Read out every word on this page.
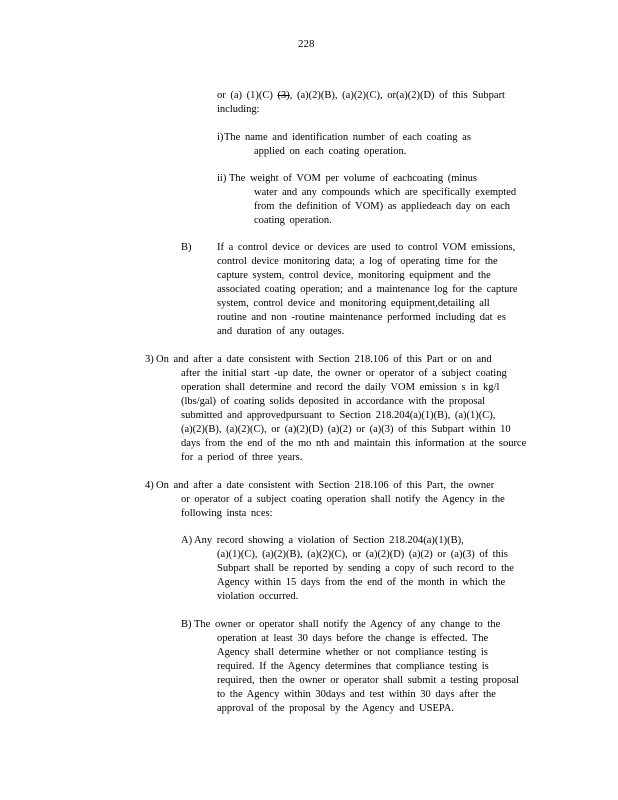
228
or (a) (1)(C) (3), (a)(2)(B), (a)(2)(C), or(a)(2)(D) of this Subpart
including:
i) The name and identification number of each coating as
applied on each coating operation.
ii) The weight of VOM per volume of eachcoating (minus
water and any compounds which are specifically exempted
from the definition of VOM) as appliedeach day on each
coating operation.
B) If a control device or devices are used to control VOM emissions,
control device monitoring data; a log of operating time for the
capture system, control device, monitoring equipment and the
associated coating operation; and a maintenance log for the capture
system, control device and monitoring equipment,detailing all
routine and non -routine maintenance performed including dat es
and duration of any outages.
3) On and after a date consistent with Section 218.106 of this Part or on and
after the initial start -up date, the owner or operator of a subject coating
operation shall determine and record the daily VOM emission s in kg/l
(lbs/gal) of coating solids deposited in accordance with the proposal
submitted and approvedpursuant to Section 218.204(a)(1)(B), (a)(1)(C),
(a)(2)(B), (a)(2)(C), or (a)(2)(D) (a)(2) or (a)(3) of this Subpart within 10
days from the end of the mo nth and maintain this information at the source
for a period of three years.
4) On and after a date consistent with Section 218.106 of this Part, the owner
or operator of a subject coating operation shall notify the Agency in the
following insta nces:
A) Any record showing a violation of Section 218.204(a)(1)(B),
(a)(1)(C), (a)(2)(B), (a)(2)(C), or (a)(2)(D) (a)(2) or (a)(3) of this
Subpart shall be reported by sending a copy of such record to the
Agency within 15 days from the end of the month in which the
violation occurred.
B) The owner or operator shall notify the Agency of any change to the
operation at least 30 days before the change is effected. The
Agency shall determine whether or not compliance testing is
required. If the Agency determines that compliance testing is
required, then the owner or operator shall submit a testing proposal
to the Agency within 30days and test within 30 days after the
approval of the proposal by the Agency and USEPA.
